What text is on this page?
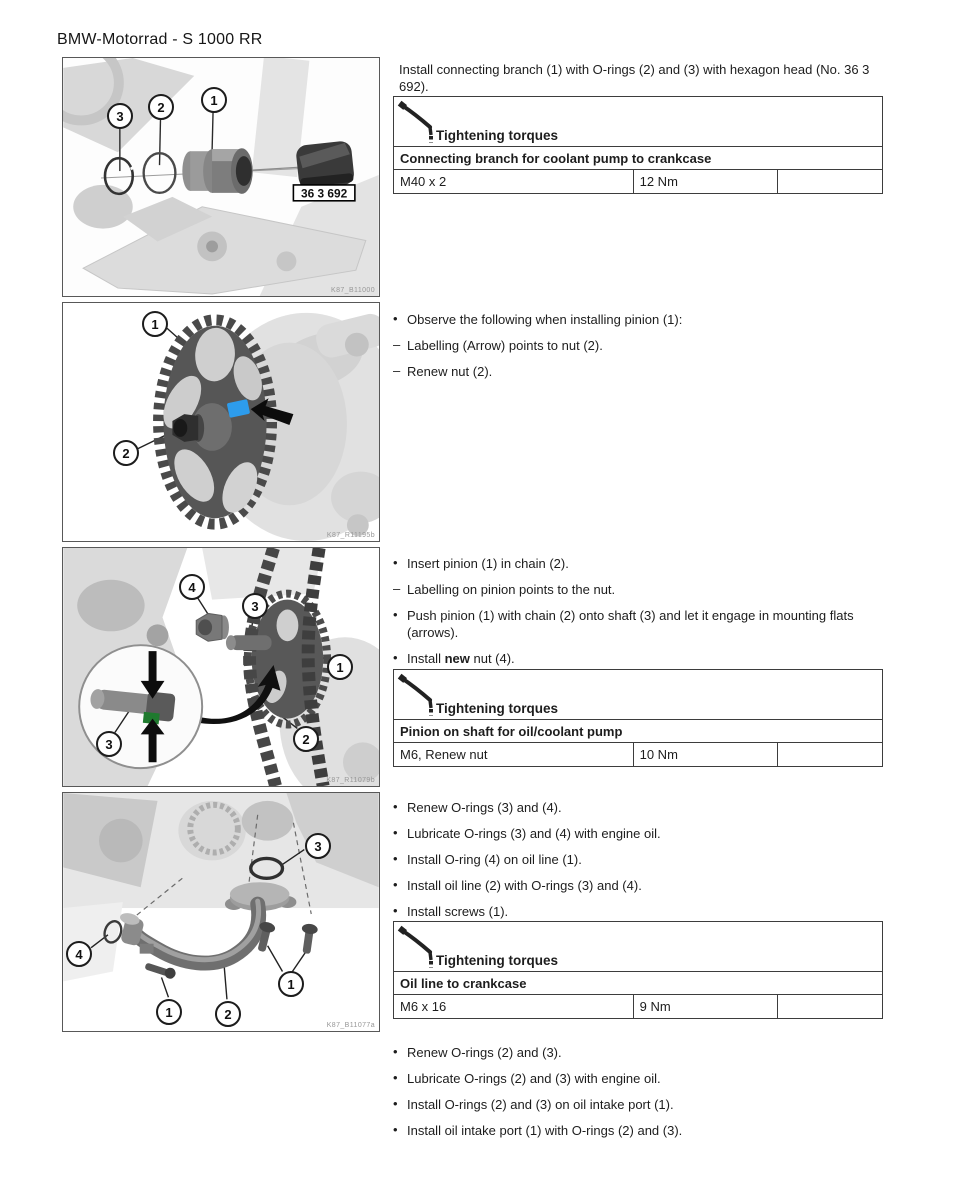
BMW-Motorrad - S 1000 RR
36 3 692
3
2	1
K87_B11000
1
2
K87_R11195b
4
3
1
2
3
K87_R11079b
3
4
1	2
1
K87_B11077a
Install connecting branch (1) with O-rings (2) and (3) with hexagon head (No. 36 3 692).
Tightening torques
Connecting branch for coolant pump to crankcase
M40 x 2	12 Nm	
• Observe the following when installing pinion (1):
– Labelling (Arrow) points to nut (2).
– Renew nut (2).
• Insert pinion (1) in chain (2).
– Labelling on pinion points to the nut.
• Push pinion (1) with chain (2) onto shaft (3) and let it engage in mounting flats (arrows).
• Install new nut (4).
Tightening torques
Pinion on shaft for oil/coolant pump
M6, Renew nut	10 Nm	
• Renew O-rings (3) and (4).
• Lubricate O-rings (3) and (4) with engine oil.
• Install O-ring (4) on oil line (1).
• Install oil line (2) with O-rings (3) and (4).
• Install screws (1).
Tightening torques
Oil line to crankcase
M6 x 16	9 Nm	
• Renew O-rings (2) and (3).
• Lubricate O-rings (2) and (3) with engine oil.
• Install O-rings (2) and (3) on oil intake port (1).
• Install oil intake port (1) with O-rings (2) and (3).
